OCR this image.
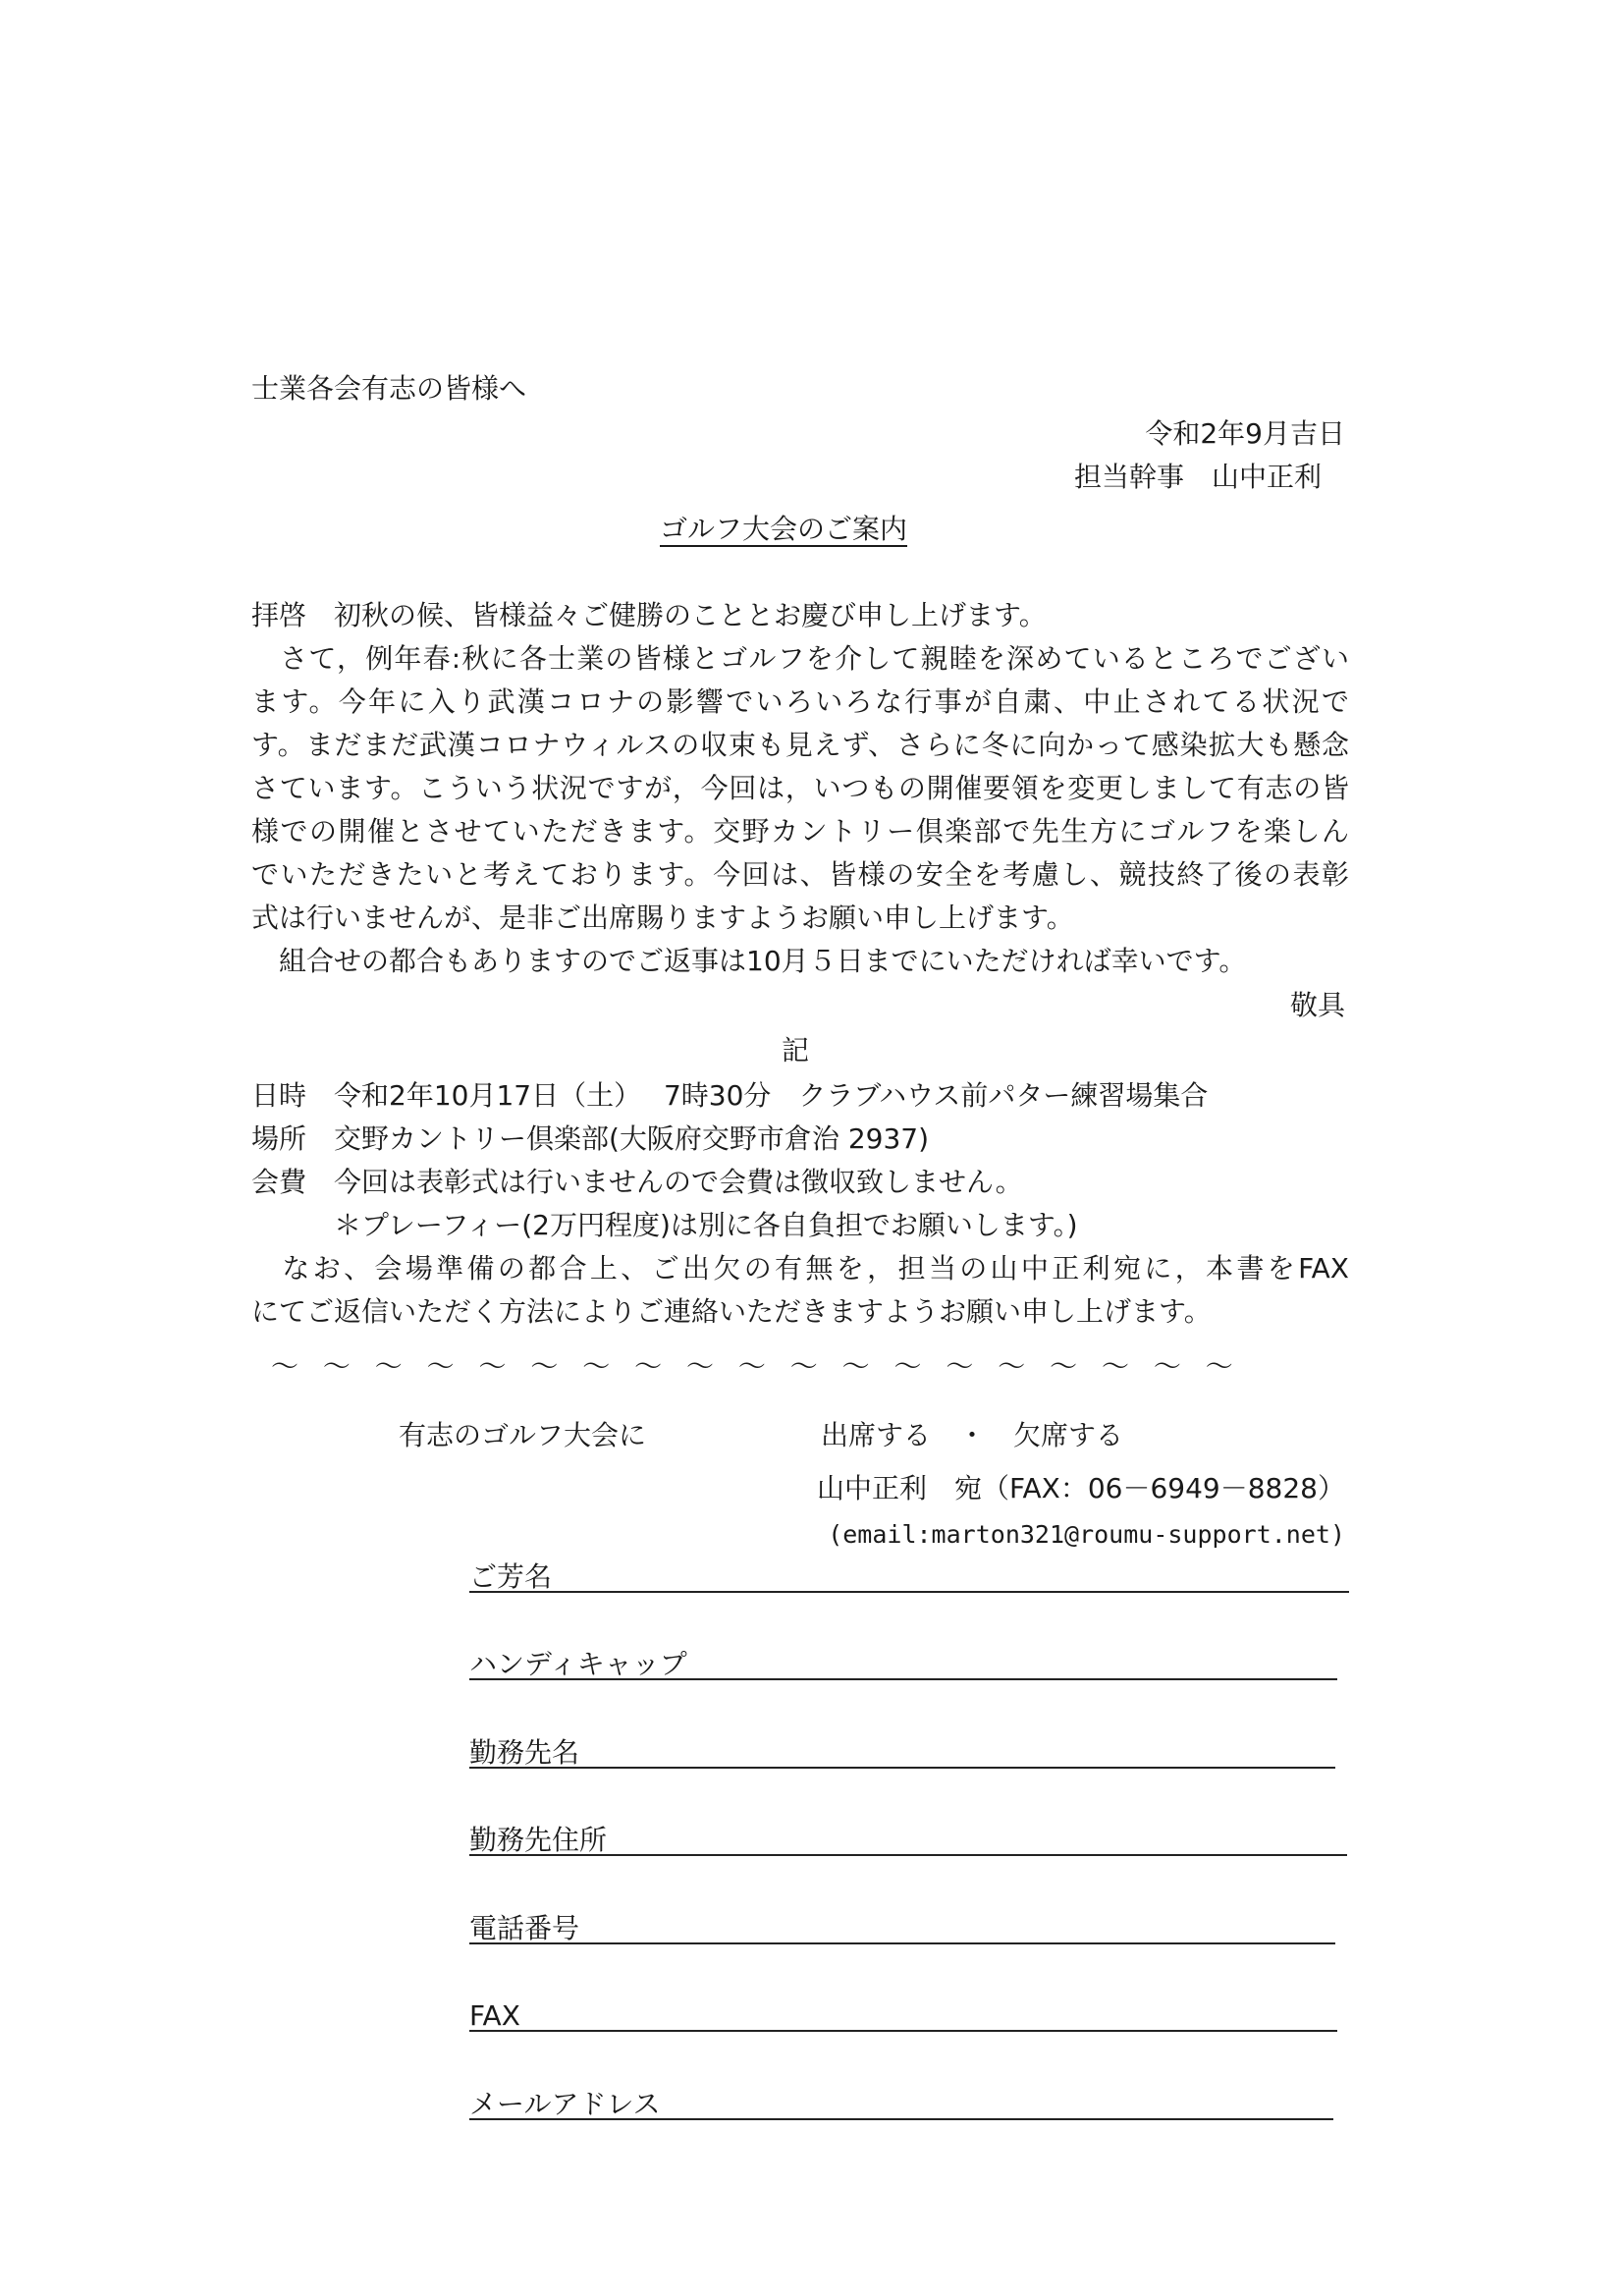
士業各会有志の皆様へ
令和2年9月吉日
担当幹事　山中正利
ゴルフ大会のご案内
拝啓　初秋の候、皆様益々ご健勝のこととお慶び申し上げます。
　さて，例年春:秋に各士業の皆様とゴルフを介して親睦を深めているところでござい
ます。今年に入り武漢コロナの影響でいろいろな行事が自粛、中止されてる状況で
す。まだまだ武漢コロナウィルスの収束も見えず、さらに冬に向かって感染拡大も懸念
さています。こういう状況ですが，今回は，いつもの開催要領を変更しまして有志の皆
様での開催とさせていただきます。交野カントリー倶楽部で先生方にゴルフを楽しん
でいただきたいと考えております。今回は、皆様の安全を考慮し、競技終了後の表彰
式は行いませんが、是非ご出席賜りますようお願い申し上げます。
　組合せの都合もありますのでご返事は10月５日までにいただければ幸いです。
敬具
記
日時　令和2年10月17日（土）　 7時30分　クラブハウス前パター練習場集合
場所　交野カントリー倶楽部(大阪府交野市倉治 2937)
会費　今回は表彰式は行いませんので会費は徴収致しません。
　　　＊プレーフィー(2万円程度)は別に各自負担でお願いします。)
　なお、会場準備の都合上、ご出欠の有無を，担当の山中正利宛に，本書をFAX
にてご返信いただく方法によりご連絡いただきますようお願い申し上げます。
〜 〜 〜 〜 〜 〜 〜 〜 〜 〜 〜 〜 〜 〜 〜 〜 〜 〜 〜
有志のゴルフ大会に	出席する　・　欠席する
山中正利　宛（FAX：06－6949－8828）
(email:marton321@roumu-support.net)
ご芳名
ハンディキャップ
勤務先名
勤務先住所
電話番号
FAX
メールアドレス
